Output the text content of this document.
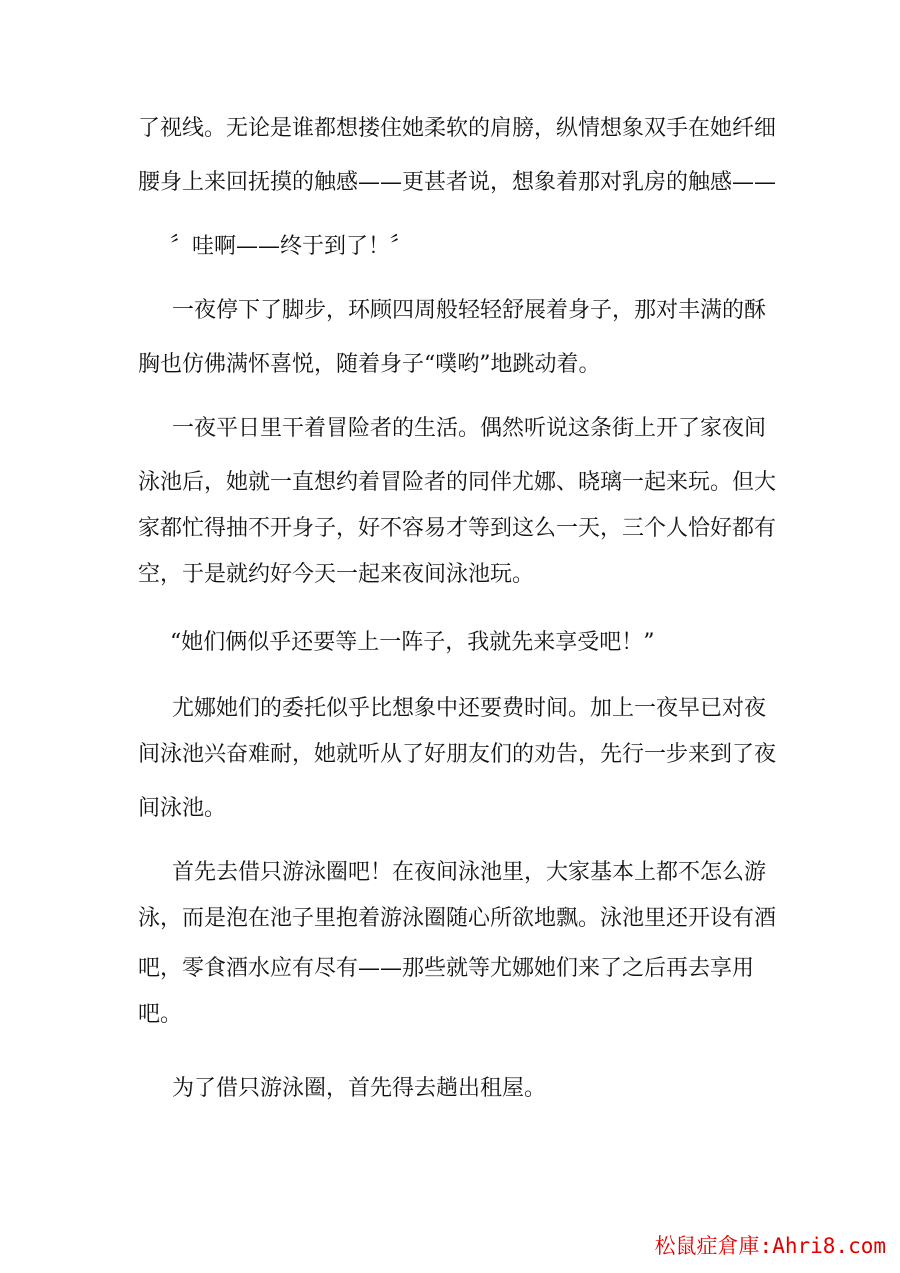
了视线。无论是谁都想搂住她柔软的肩膀，纵情想象双手在她纤细
腰身上来回抚摸的触感——更甚者说，想象着那对乳房的触感——
〞哇啊——终于到了！〞
一夜停下了脚步，环顾四周般轻轻舒展着身子，那对丰满的酥
胸也仿佛满怀喜悦，随着身子“噗哟”地跳动着。
一夜平日里干着冒险者的生活。偶然听说这条街上开了家夜间
泳池后，她就一直想约着冒险者的同伴尤娜、晓璃一起来玩。但大
家都忙得抽不开身子，好不容易才等到这么一天，三个人恰好都有
空，于是就约好今天一起来夜间泳池玩。
“她们俩似乎还要等上一阵子，我就先来享受吧！”
尤娜她们的委托似乎比想象中还要费时间。加上一夜早已对夜
间泳池兴奋难耐，她就听从了好朋友们的劝告，先行一步来到了夜
间泳池。
首先去借只游泳圈吧！在夜间泳池里，大家基本上都不怎么游
泳，而是泡在池子里抱着游泳圈随心所欲地飘。泳池里还开设有酒
吧，零食酒水应有尽有——那些就等尤娜她们来了之后再去享用
吧。
为了借只游泳圈，首先得去趟出租屋。
松鼠症倉庫:Ahri8.com
